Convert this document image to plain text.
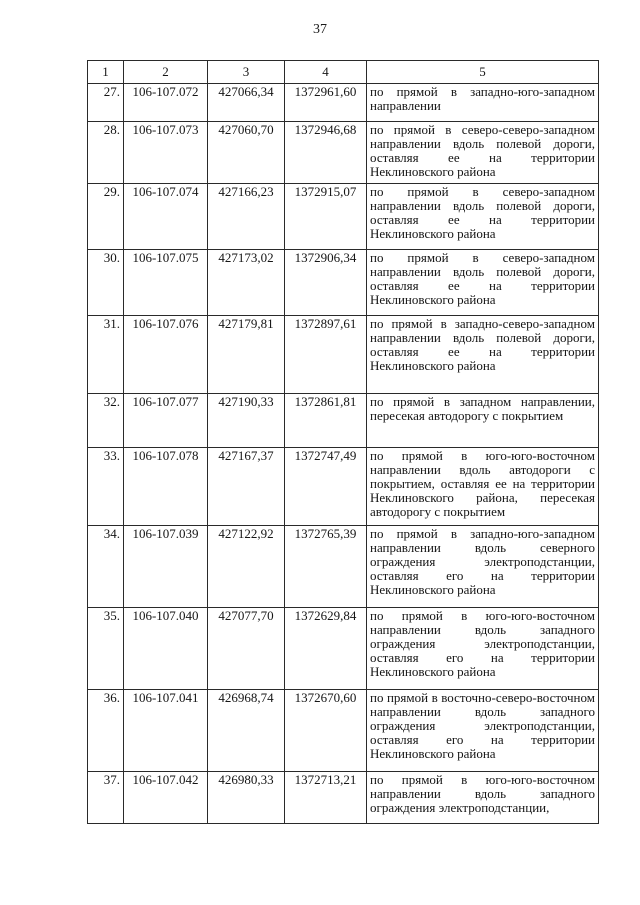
37
1	2	3	4	5
27.	106-107.072	427066,34	1372961,60	по прямой в западно-юго-западном направлении
28.	106-107.073	427060,70	1372946,68	по прямой в северо-северо-западном направлении вдоль полевой дороги, оставляя ее на территории Неклиновского района
29.	106-107.074	427166,23	1372915,07	по прямой в северо-западном направлении вдоль полевой дороги, оставляя ее на территории Неклиновского района
30.	106-107.075	427173,02	1372906,34	по прямой в северо-западном направлении вдоль полевой дороги, оставляя ее на территории Неклиновского района
31.	106-107.076	427179,81	1372897,61	по прямой в западно-северо-западном направлении вдоль полевой дороги, оставляя ее на территории Неклиновского района
32.	106-107.077	427190,33	1372861,81	по прямой в западном направлении, пересекая автодорогу с покрытием
33.	106-107.078	427167,37	1372747,49	по прямой в юго-юго-восточном направлении вдоль автодороги с покрытием, оставляя ее на территории Неклиновского района, пересекая автодорогу с покрытием
34.	106-107.039	427122,92	1372765,39	по прямой в западно-юго-западном направлении вдоль северного ограждения электроподстанции, оставляя его на территории Неклиновского района
35.	106-107.040	427077,70	1372629,84	по прямой в юго-юго-восточном направлении вдоль западного ограждения электроподстанции, оставляя его на территории Неклиновского района
36.	106-107.041	426968,74	1372670,60	по прямой в восточно-северо-восточном направлении вдоль западного ограждения электроподстанции, оставляя его на территории Неклиновского района
37.	106-107.042	426980,33	1372713,21	по прямой в юго-юго-восточном направлении вдоль западного ограждения электроподстанции,
